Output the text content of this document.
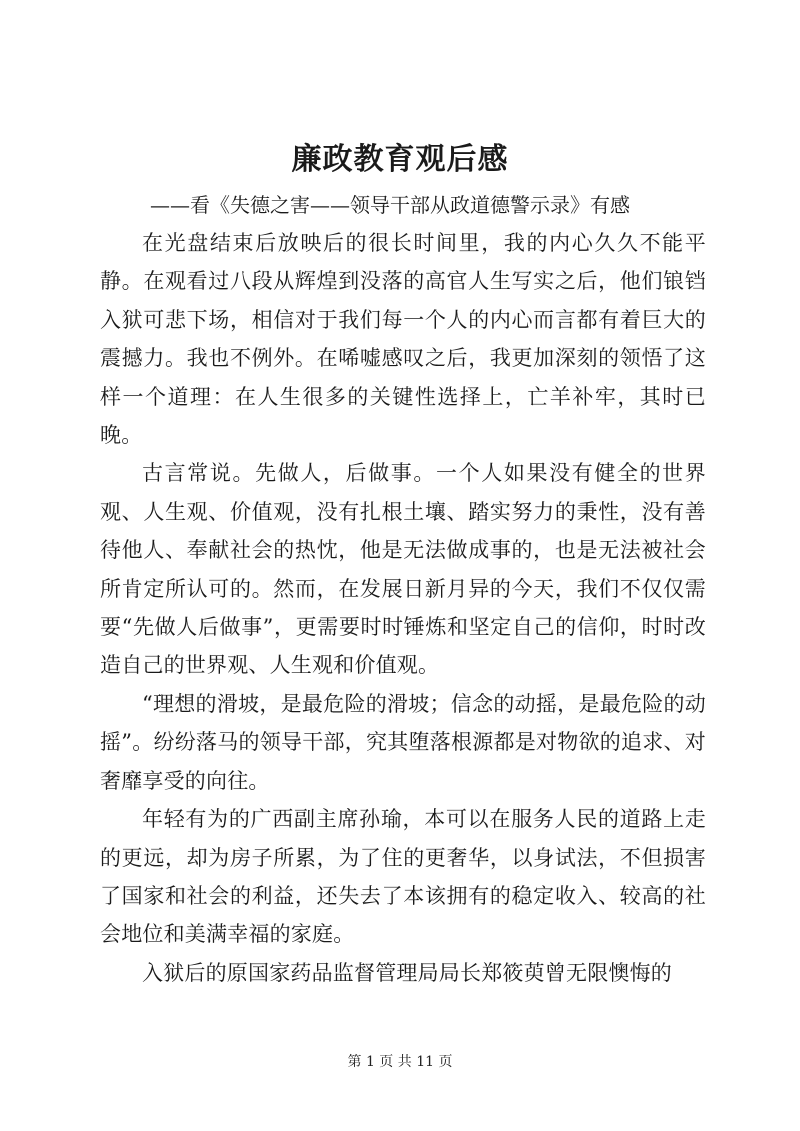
廉政教育观后感
——看《失德之害——领导干部从政道德警示录》有感

在光盘结束后放映后的很长时间里，我的内心久久不能平静。在观看过八段从辉煌到没落的高官人生写实之后，他们锒铛入狱可悲下场，相信对于我们每一个人的内心而言都有着巨大的震撼力。我也不例外。在唏嘘感叹之后，我更加深刻的领悟了这样一个道理：在人生很多的关键性选择上，亡羊补牢，其时已晚。

古言常说。先做人，后做事。一个人如果没有健全的世界观、人生观、价值观，没有扎根土壤、踏实努力的秉性，没有善待他人、奉献社会的热忱，他是无法做成事的，也是无法被社会所肯定所认可的。然而，在发展日新月异的今天，我们不仅仅需要“先做人后做事”，更需要时时锤炼和坚定自己的信仰，时时改造自己的世界观、人生观和价值观。

“理想的滑坡，是最危险的滑坡；信念的动摇，是最危险的动摇”。纷纷落马的领导干部，究其堕落根源都是对物欲的追求、对奢靡享受的向往。

年轻有为的广西副主席孙瑜，本可以在服务人民的道路上走的更远，却为房子所累，为了住的更奢华，以身试法，不但损害了国家和社会的利益，还失去了本该拥有的稳定收入、较高的社会地位和美满幸福的家庭。

入狱后的原国家药品监督管理局局长郑筱萸曾无限懊悔的

第 1 页 共 11 页
